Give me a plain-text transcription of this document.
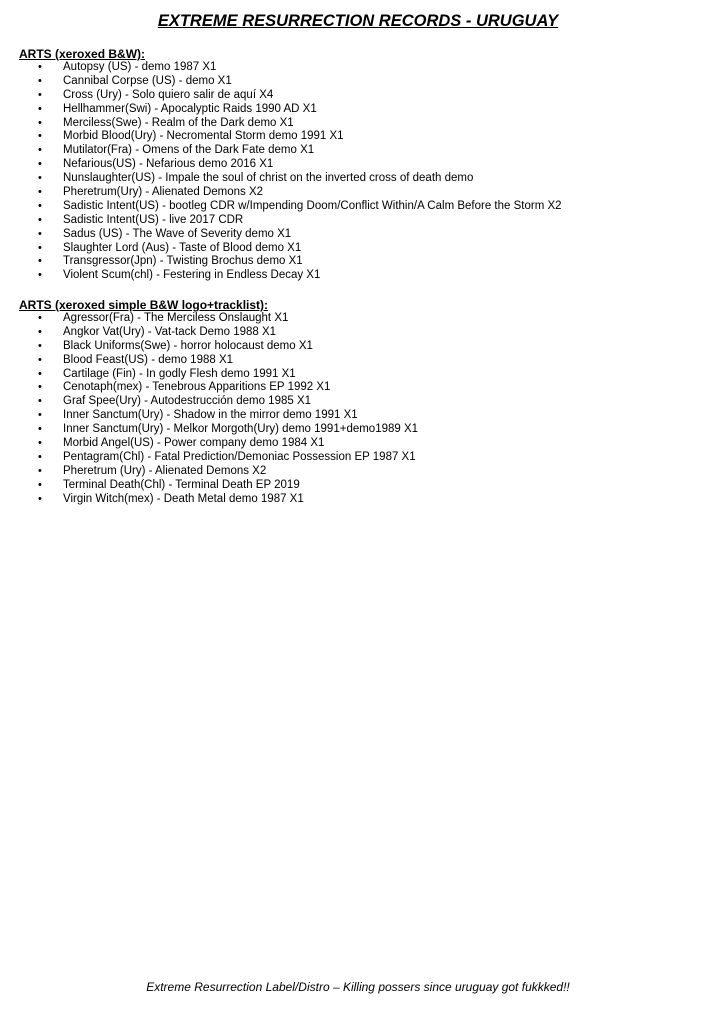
EXTREME RESURRECTION RECORDS - URUGUAY

ARTS (xeroxed B&W):

• Autopsy (US) - demo 1987 X1
• Cannibal Corpse (US) - demo X1
• Cross (Ury) - Solo quiero salir de aquí X4
• Hellhammer(Swi) - Apocalyptic Raids 1990 AD X1
• Merciless(Swe) - Realm of the Dark demo X1
• Morbid Blood(Ury) - Necromental Storm demo 1991 X1
• Mutilator(Fra) - Omens of the Dark Fate demo X1
• Nefarious(US) - Nefarious demo 2016 X1
• Nunslaughter(US) - Impale the soul of christ on the inverted cross of death demo
• Pheretrum(Ury) - Alienated Demons X2
• Sadistic Intent(US) - bootleg CDR w/Impending Doom/Conflict Within/A Calm Before the Storm X2
• Sadistic Intent(US) - live 2017 CDR
• Sadus (US) - The Wave of Severity demo X1
• Slaughter Lord (Aus) - Taste of Blood demo X1
• Transgressor(Jpn) - Twisting Brochus demo X1
• Violent Scum(chl) - Festering in Endless Decay X1

ARTS (xeroxed simple B&W logo+tracklist):

• Agressor(Fra) - The Merciless Onslaught X1
• Angkor Vat(Ury) - Vat-tack Demo 1988 X1
• Black Uniforms(Swe) - horror holocaust demo X1
• Blood Feast(US) - demo 1988 X1
• Cartilage (Fin) - In godly Flesh demo 1991 X1
• Cenotaph(mex) - Tenebrous Apparitions EP 1992 X1
• Graf Spee(Ury) - Autodestrucción demo 1985 X1
• Inner Sanctum(Ury) - Shadow in the mirror demo 1991 X1
• Inner Sanctum(Ury) - Melkor Morgoth(Ury) demo 1991+demo1989 X1
• Morbid Angel(US) - Power company demo 1984 X1
• Pentagram(Chl) - Fatal Prediction/Demoniac Possession EP 1987 X1
• Pheretrum (Ury) - Alienated Demons X2
• Terminal Death(Chl) - Terminal Death EP 2019
• Virgin Witch(mex) - Death Metal demo 1987 X1
Extreme Resurrection Label/Distro – Killing possers since uruguay got fukkked!!
